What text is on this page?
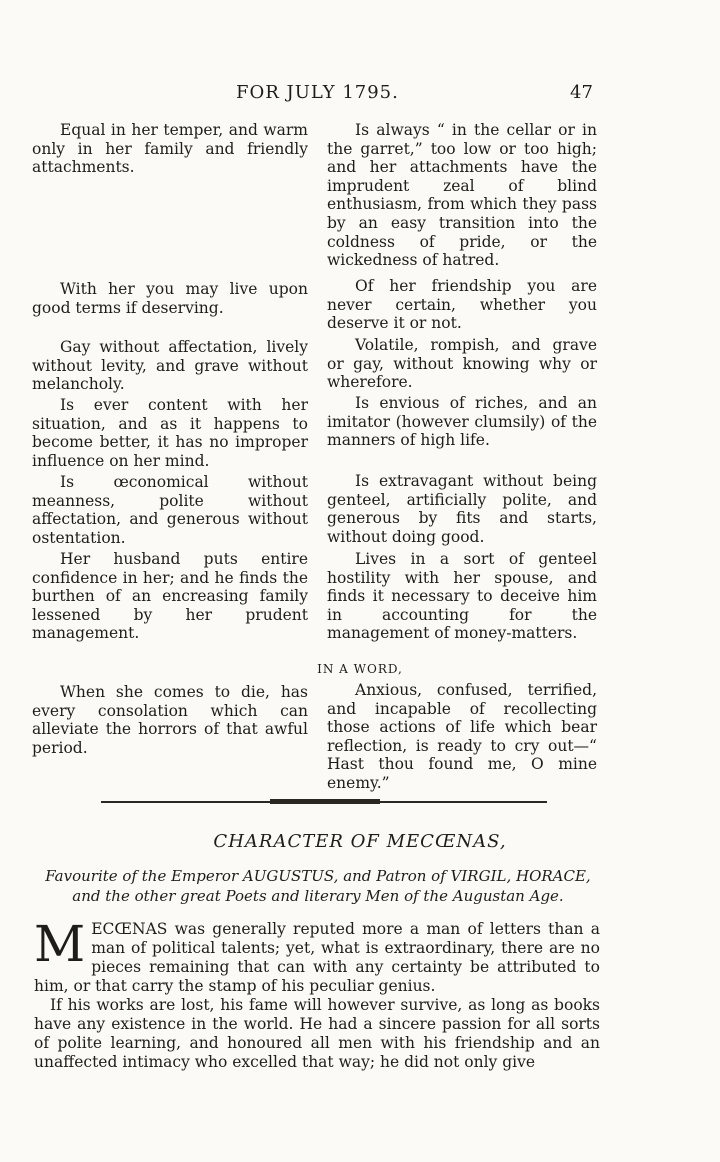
FOR JULY 1795.	47

Equal in her temper, and warm only in her family and friendly attachments.

With her you may live upon good terms if deserving.

Gay without affectation, lively without levity, and grave without melancholy.

Is ever content with her situation, and as it happens to become better, it has no improper influence on her mind.

Is œconomical without meanness, polite without affectation, and generous without ostentation.

Her husband puts entire confidence in her; and he finds the burthen of an encreasing family lessened by her prudent management.

When she comes to die, has every consolation which can alleviate the horrors of that awful period.

Is always “ in the cellar or in the garret,” too low or too high; and her attachments have the imprudent zeal of blind enthusiasm, from which they pass by an easy transition into the coldness of pride, or the wickedness of hatred.

Of her friendship you are never certain, whether you deserve it or not.

Volatile, rompish, and grave or gay, without knowing why or wherefore.

Is envious of riches, and an imitator (however clumsily) of the manners of high life.

Is extravagant without being genteel, artificially polite, and generous by fits and starts, without doing good.

Lives in a sort of genteel hostility with her spouse, and finds it necessary to deceive him in accounting for the management of money-matters.

Anxious, confused, terrified, and incapable of recollecting those actions of life which bear reflection, is ready to cry out—“ Hast thou found me, O mine enemy.”

IN A WORD,
CHARACTER OF MECŒNAS,
Favourite of the Emperor AUGUSTUS, and Patron of VIRGIL, HORACE,
and the other great Poets and literary Men of the Augustan Age.

MECŒNAS was generally reputed more a man of letters than a man of political talents; yet, what is extraordinary, there are no pieces remaining that can with any certainty be attributed to him, or that carry the stamp of his peculiar genius.

If his works are lost, his fame will however survive, as long as books have any existence in the world. He had a sincere passion for all sorts of polite learning, and honoured all men with his friendship and an unaffected intimacy who excelled that way; he did not only give
